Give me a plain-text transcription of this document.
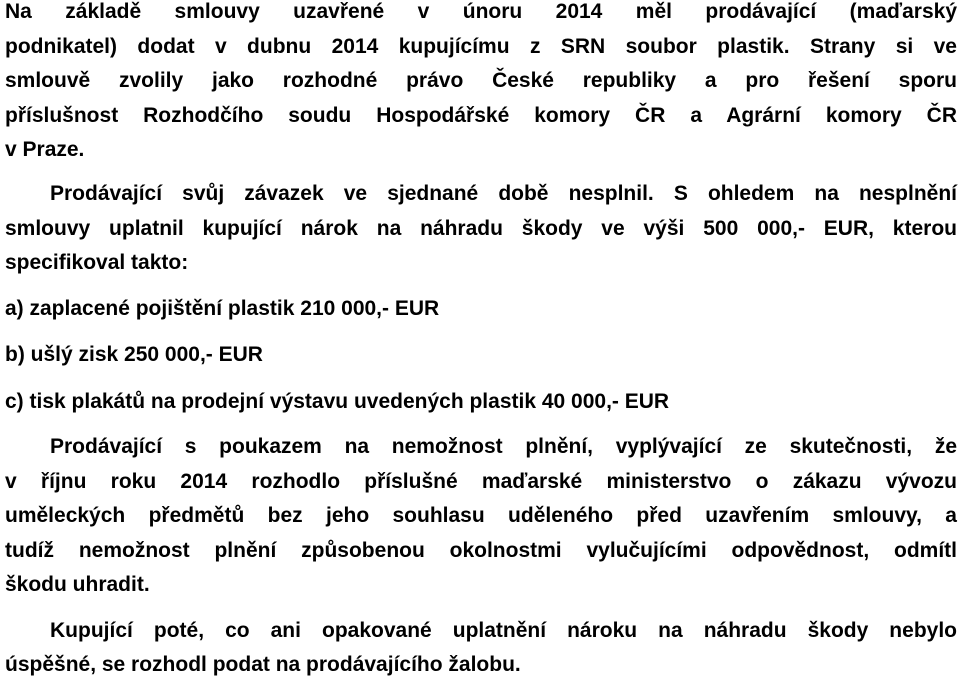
Na základě smlouvy uzavřené v únoru 2014 měl prodávající (maďarský
podnikatel) dodat v dubnu 2014 kupujícímu z SRN soubor plastik. Strany si ve
smlouvě zvolily jako rozhodné právo České republiky a pro řešení sporu
příslušnost Rozhodčího soudu Hospodářské komory ČR a Agrární komory ČR
v Praze.
Prodávající svůj závazek ve sjednané době nesplnil. S ohledem na nesplnění
smlouvy uplatnil kupující nárok na náhradu škody ve výši 500 000,- EUR, kterou
specifikoval takto:
a) zaplacené pojištění plastik 210 000,- EUR
b) ušlý zisk 250 000,- EUR
c) tisk plakátů na prodejní výstavu uvedených plastik 40 000,- EUR
Prodávající s poukazem na nemožnost plnění, vyplývající ze skutečnosti, že
v říjnu roku 2014 rozhodlo příslušné maďarské ministerstvo o zákazu vývozu
uměleckých předmětů bez jeho souhlasu uděleného před uzavřením smlouvy, a
tudíž nemožnost plnění způsobenou okolnostmi vylučujícími odpovědnost, odmítl
škodu uhradit.
Kupující poté, co ani opakované uplatnění nároku na náhradu škody nebylo
úspěšné, se rozhodl podat na prodávajícího žalobu.
